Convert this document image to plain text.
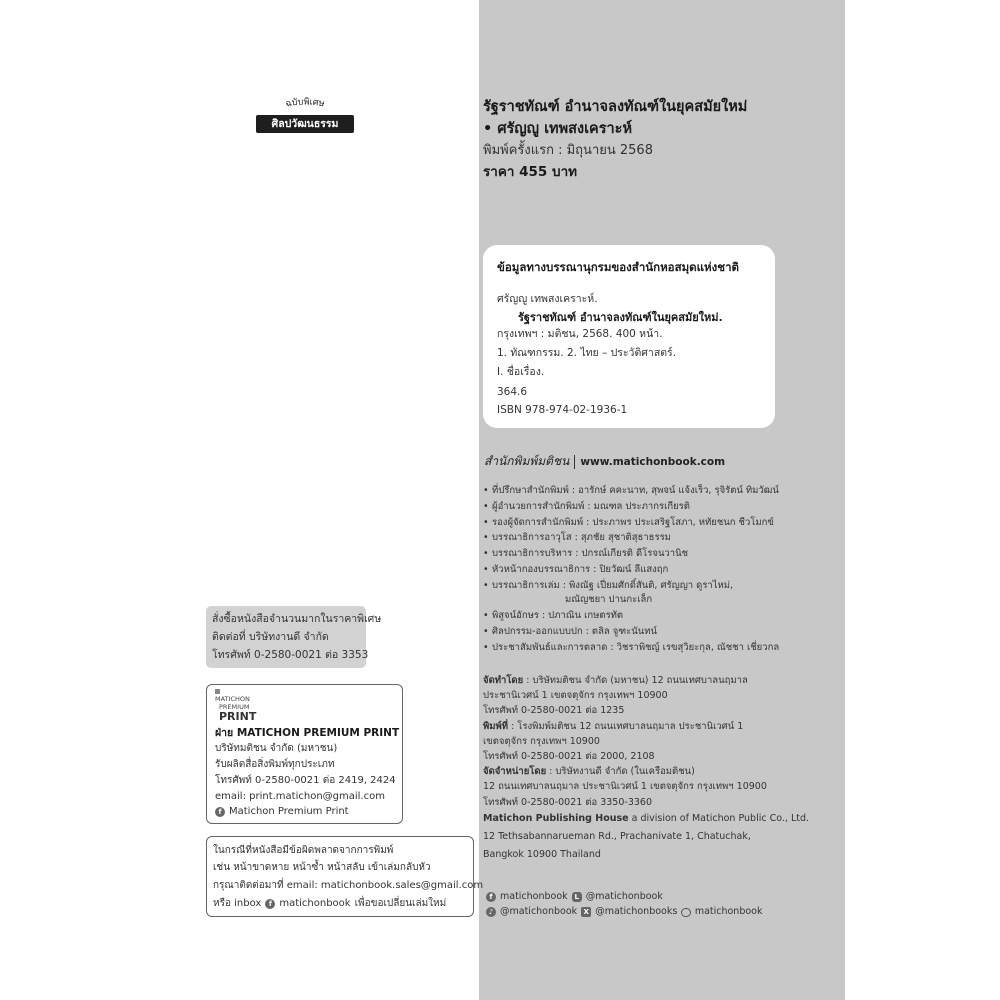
ฉบับพิเศษ
ศิลปวัฒนธรรม
รัฐราชทัณฑ์ อำนาจลงทัณฑ์ในยุคสมัยใหม่
• ศรัญญู เทพสงเคราะห์
พิมพ์ครั้งแรก : มิถุนายน 2568
ราคา 455 บาท
ข้อมูลทางบรรณานุกรมของสำนักหอสมุดแห่งชาติ
ศรัญญู เทพสงเคราะห์.
รัฐราชทัณฑ์ อำนาจลงทัณฑ์ในยุคสมัยใหม่.
กรุงเทพฯ : มติชน, 2568. 400 หน้า.
1. ทัณฑกรรม. 2. ไทย – ประวัติศาสตร์.
I. ชื่อเรื่อง.
364.6
ISBN 978-974-02-1936-1
สำนักพิมพ์มติชน www.matichonbook.com
• ที่ปรึกษาสำนักพิมพ์ : อารักษ์ คคะนาท, สุพจน์ แจ้งเร็ว, รุจิรัตน์ ทิมวัฒน์
• ผู้อำนวยการสำนักพิมพ์ : มณฑล ประภากรเกียรติ
• รองผู้จัดการสำนักพิมพ์ : ประภาพร ประเสริฐโสภา, หทัยชนก ชีวโมกข์
• บรรณาธิการอาวุโส : สุภชัย สุชาติสุธาธรรม
• บรรณาธิการบริหาร : ปกรณ์เกียรติ ดีโรจนวานิช
• หัวหน้ากองบรรณาธิการ : ปิยวัฒน์ ลีแสงฤก
• บรรณาธิการเล่ม : พิงณัฐ เปี่ยมศักดิ์สันติ, ศรัญญา ดูราไหม่,
มณัญชยา ปานกะเล็ก
• พิสูจน์อักษร : ปภาณิน เกษตรทัต
• ศิลปกรรม-ออกแบบปก : ตลิล จูฑะนันทน์
• ประชาสัมพันธ์และการตลาด : วิชราพิชญ์ เรขสุวิยะกุล, ณัชชา เชี่ยวกล
จัดทำโดย : บริษัทมติชน จำกัด (มหาชน) 12 ถนนเทศบาลนฤมาล
ประชานิเวศน์ 1 เขตจตุจักร กรุงเทพฯ 10900
โทรศัพท์ 0-2580-0021 ต่อ 1235
พิมพ์ที่ : โรงพิมพ์มติชน 12 ถนนเทศบาลนฤมาล ประชานิเวศน์ 1
เขตจตุจักร กรุงเทพฯ 10900
โทรศัพท์ 0-2580-0021 ต่อ 2000, 2108
จัดจำหน่ายโดย : บริษัทงานดี จำกัด (ในเครือมติชน)
12 ถนนเทศบาลนฤมาล ประชานิเวศน์ 1 เขตจตุจักร กรุงเทพฯ 10900
โทรศัพท์ 0-2580-0021 ต่อ 3350-3360
Matichon Publishing House a division of Matichon Public Co., Ltd.
12 Tethsabannarueman Rd., Prachanivate 1, Chatuchak,
Bangkok 10900 Thailand
f matichonbook L @matichonbook
♪ @matichonbook X @matichonbooks matichonbook
สั่งซื้อหนังสือจำนวนมากในราคาพิเศษ
ติดต่อที่ บริษัทงานดี จำกัด
โทรศัพท์ 0-2580-0021 ต่อ 3353
MATICHON
PREMIUM
PRINT
ฝ่าย MATICHON PREMIUM PRINT
บริษัทมติชน จำกัด (มหาชน)
รับผลิตสื่อสิ่งพิมพ์ทุกประเภท
โทรศัพท์ 0-2580-0021 ต่อ 2419, 2424
email: print.matichon@gmail.com
f Matichon Premium Print
ในกรณีที่หนังสือมีข้อผิดพลาดจากการพิมพ์
เช่น หน้าขาดหาย หน้าซ้ำ หน้าสลับ เข้าเล่มกลับหัว
กรุณาติดต่อมาที่ email: matichonbook.sales@gmail.com
หรือ inbox	f matichonbook เพื่อขอเปลี่ยนเล่มใหม่
